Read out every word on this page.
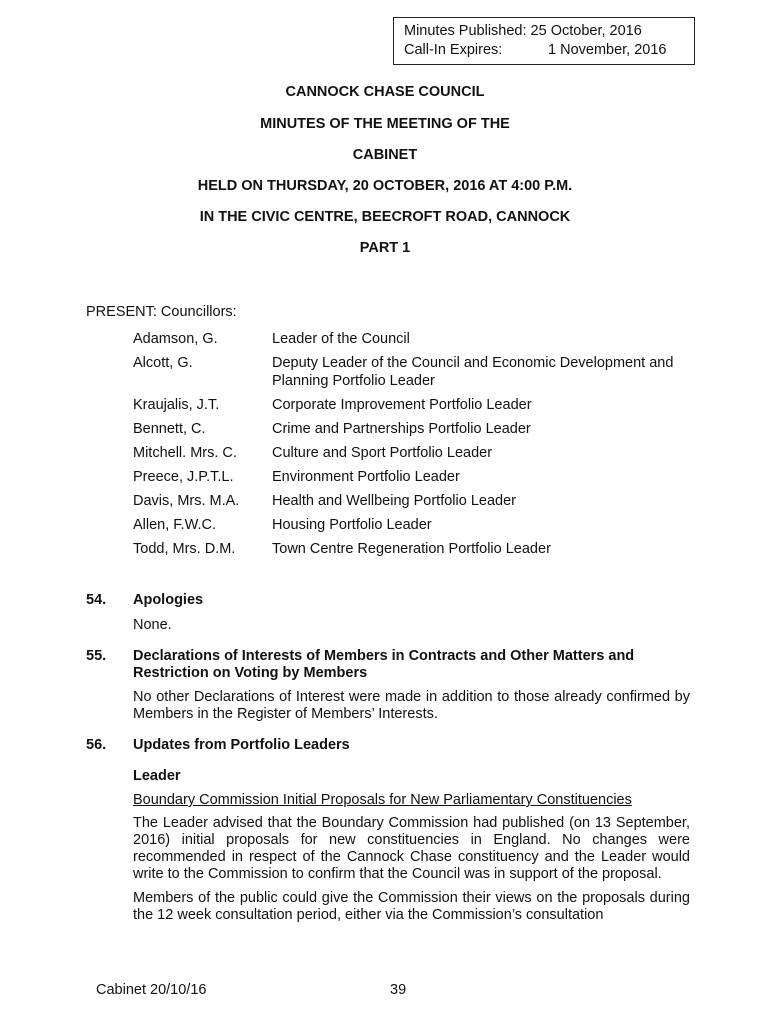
Minutes Published: 25 October, 2016
Call-In Expires:	1 November, 2016
CANNOCK CHASE COUNCIL
MINUTES OF THE MEETING OF THE
CABINET
HELD ON THURSDAY, 20 OCTOBER, 2016 AT 4:00 P.M.
IN THE CIVIC CENTRE, BEECROFT ROAD, CANNOCK
PART 1
PRESENT: Councillors:
Adamson, G.	Leader of the Council
Alcott, G.	Deputy Leader of the Council and Economic Development and Planning Portfolio Leader
Kraujalis, J.T.	Corporate Improvement Portfolio Leader
Bennett, C.	Crime and Partnerships Portfolio Leader
Mitchell. Mrs. C.	Culture and Sport Portfolio Leader
Preece, J.P.T.L.	Environment Portfolio Leader
Davis, Mrs. M.A.	Health and Wellbeing Portfolio Leader
Allen, F.W.C.	Housing Portfolio Leader
Todd, Mrs. D.M.	Town Centre Regeneration Portfolio Leader
54. Apologies
None.
55. Declarations of Interests of Members in Contracts and Other Matters and Restriction on Voting by Members
No other Declarations of Interest were made in addition to those already confirmed by Members in the Register of Members’ Interests.
56. Updates from Portfolio Leaders
Leader
Boundary Commission Initial Proposals for New Parliamentary Constituencies
The Leader advised that the Boundary Commission had published (on 13 September, 2016) initial proposals for new constituencies in England. No changes were recommended in respect of the Cannock Chase constituency and the Leader would write to the Commission to confirm that the Council was in support of the proposal.
Members of the public could give the Commission their views on the proposals during the 12 week consultation period, either via the Commission’s consultation
Cabinet 20/10/16	39
